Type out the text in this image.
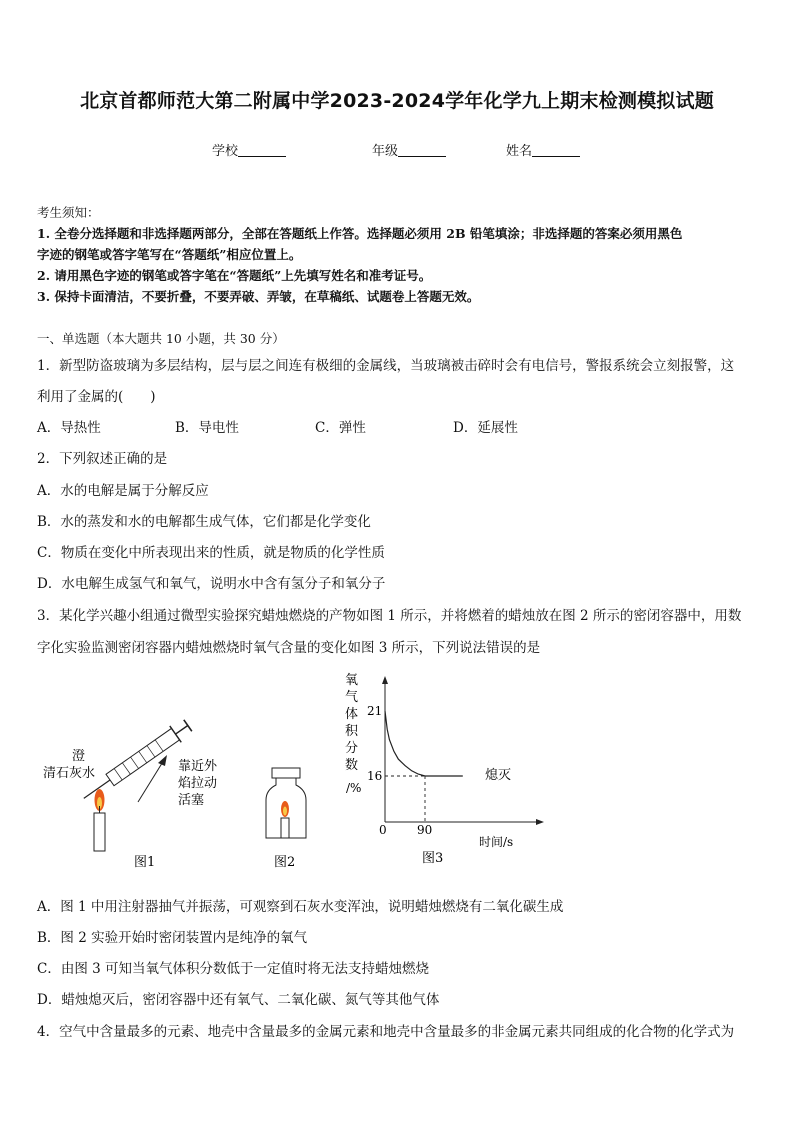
北京首都师范大第二附属中学2023-2024学年化学九上期末检测模拟试题
学校	年级	姓名
考生须知：
1. 全卷分选择题和非选择题两部分，全部在答题纸上作答。选择题必须用 2B 铅笔填涂；非选择题的答案必须用黑色
字迹的钢笔或答字笔写在“答题纸”相应位置上。
2. 请用黑色字迹的钢笔或答字笔在“答题纸”上先填写姓名和准考证号。
3. 保持卡面清洁，不要折叠，不要弄破、弄皱，在草稿纸、试题卷上答题无效。
一、单选题（本大题共 10 小题，共 30 分）
1．新型防盗玻璃为多层结构，层与层之间连有极细的金属线，当玻璃被击碎时会有电信号，警报系统会立刻报警，这
利用了金属的(　　)
A．导热性	B．导电性	C．弹性	D．延展性
2．下列叙述正确的是
A．水的电解是属于分解反应
B．水的蒸发和水的电解都生成气体，它们都是化学变化
C．物质在变化中所表现出来的性质，就是物质的化学性质
D．水电解生成氢气和氧气，说明水中含有氢分子和氧分子
3．某化学兴趣小组通过微型实验探究蜡烛燃烧的产物如图 1 所示，并将燃着的蜡烛放在图 2 所示的密闭容器中，用数
字化实验监测密闭容器内蜡烛燃烧时氧气含量的变化如图 3 所示，下列说法错误的是
澄
清石灰水	靠近外
焰拉动
活塞
图1	图2
氧
气
体
积
分
数
/%
16
21
90
0
熄灭
时间/s
图3
A．图 1 中用注射器抽气并振荡，可观察到石灰水变浑浊，说明蜡烛燃烧有二氧化碳生成
B．图 2 实验开始时密闭装置内是纯净的氧气
C．由图 3 可知当氧气体积分数低于一定值时将无法支持蜡烛燃烧
D．蜡烛熄灭后，密闭容器中还有氧气、二氧化碳、氮气等其他气体
4．空气中含量最多的元素、地壳中含量最多的金属元素和地壳中含量最多的非金属元素共同组成的化合物的化学式为
